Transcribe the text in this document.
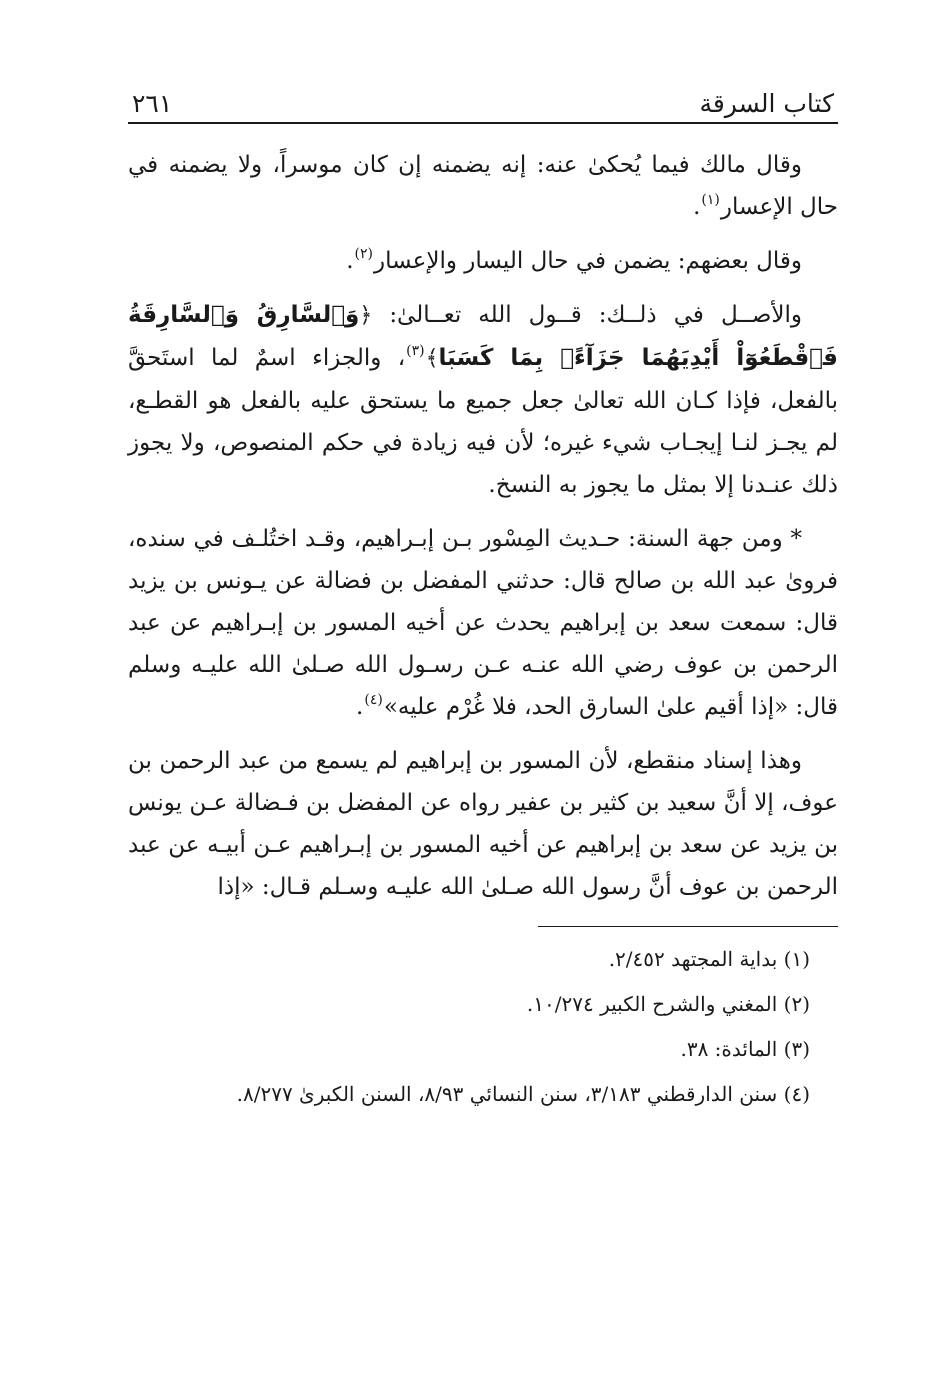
كتاب السرقة
٢٦١

وقال مالك فيما يُحكىٰ عنه: إنه يضمنه إن كان موسراً، ولا يضمنه في حال الإعسار$^{(١)}$.

وقال بعضهم: يضمن في حال اليسار والإعسار$^{(٢)}$.

والأصــل في ذلــك: قــول الله تعــالىٰ: ﴿وَٱلسَّارِقُ وَٱلسَّارِقَةُ فَٱقْطَعُوٓاْ أَيْدِيَهُمَا جَزَآءًۢ بِمَا كَسَبَا﴾$^{(٣)}$، والجزاء اسمٌ لما استَحقَّ بالفعل، فإذا كـان الله تعالىٰ جعل جميع ما يستحق عليه بالفعل هو القطـع، لم يجـز لنـا إيجـاب شيء غيره؛ لأن فيه زيادة في حكم المنصوص، ولا يجوز ذلك عنـدنا إلا بمثل ما يجوز به النسخ.

* ومن جهة السنة: حـديث المِسْور بـن إبـراهيم، وقـد اختُلـف في سنده، فرویٰ عبد الله بن صالح قال: حدثني المفضل بن فضالة عن يـونس بن يزيد قال: سمعت سعد بن إبراهيم يحدث عن أخيه المسور بن إبـراهيم عن عبد الرحمن بن عوف رضي الله عنـه عـن رسـول الله صـلىٰ الله عليـه وسلم قال: «إذا أقيم علىٰ السارق الحد، فلا غُرْم عليه»$^{(٤)}$.

وهذا إسناد منقطع، لأن المسور بن إبراهيم لم يسمع من عبد الرحمن بن عوف، إلا أنَّ سعيد بن كثير بن عفير رواه عن المفضل بن فـضالة عـن يونس بن يزيد عن سعد بن إبراهيم عن أخيه المسور بن إبـراهيم عـن أبيـه عن عبد الرحمن بن عوف أنَّ رسول الله صـلىٰ الله عليـه وسـلم قـال: «إذا

(١) بداية المجتهد ٢/٤٥٢.
(٢) المغني والشرح الكبير ١٠/٢٧٤.
(٣) المائدة: ٣٨.
(٤) سنن الدارقطني ٣/١٨٣، سنن النسائي ٨/٩٣، السنن الكبرىٰ ٨/٢٧٧.
